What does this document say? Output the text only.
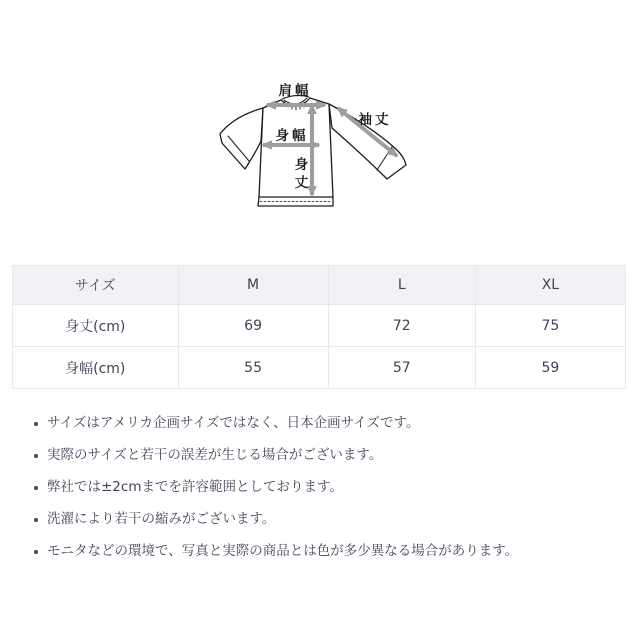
肩幅
袖丈
身幅
身
丈
サイズ	M	L	XL
身丈(cm)	69	72	75
身幅(cm)	55	57	59
サイズはアメリカ企画サイズではなく、日本企画サイズです。
実際のサイズと若干の誤差が生じる場合がございます。
弊社では±2cmまでを許容範囲としております。
洗濯により若干の縮みがございます。
モニタなどの環境で、写真と実際の商品とは色が多少異なる場合があります。
